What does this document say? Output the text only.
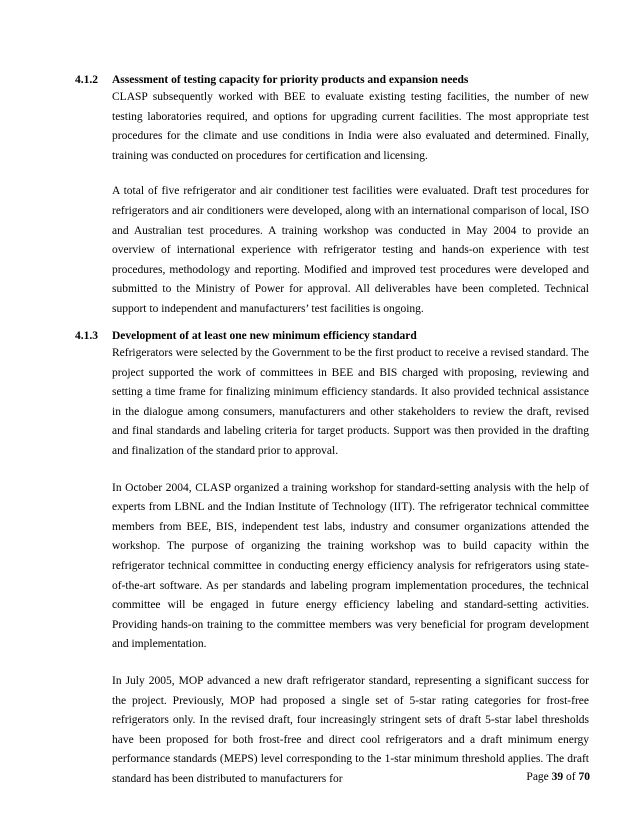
4.1.2	Assessment of testing capacity for priority products and expansion needs

CLASP subsequently worked with BEE to evaluate existing testing facilities, the number of new testing laboratories required, and options for upgrading current facilities. The most appropriate test procedures for the climate and use conditions in India were also evaluated and determined. Finally, training was conducted on procedures for certification and licensing.

A total of five refrigerator and air conditioner test facilities were evaluated. Draft test procedures for refrigerators and air conditioners were developed, along with an international comparison of local, ISO and Australian test procedures. A training workshop was conducted in May 2004 to provide an overview of international experience with refrigerator testing and hands-on experience with test procedures, methodology and reporting. Modified and improved test procedures were developed and submitted to the Ministry of Power for approval. All deliverables have been completed. Technical support to independent and manufacturers’ test facilities is ongoing.

4.1.3	Development of at least one new minimum efficiency standard

Refrigerators were selected by the Government to be the first product to receive a revised standard. The project supported the work of committees in BEE and BIS charged with proposing, reviewing and setting a time frame for finalizing minimum efficiency standards. It also provided technical assistance in the dialogue among consumers, manufacturers and other stakeholders to review the draft, revised and final standards and labeling criteria for target products. Support was then provided in the drafting and finalization of the standard prior to approval.

In October 2004, CLASP organized a training workshop for standard-setting analysis with the help of experts from LBNL and the Indian Institute of Technology (IIT). The refrigerator technical committee members from BEE, BIS, independent test labs, industry and consumer organizations attended the workshop. The purpose of organizing the training workshop was to build capacity within the refrigerator technical committee in conducting energy efficiency analysis for refrigerators using state-of-the-art software. As per standards and labeling program implementation procedures, the technical committee will be engaged in future energy efficiency labeling and standard-setting activities. Providing hands-on training to the committee members was very beneficial for program development and implementation.

In July 2005, MOP advanced a new draft refrigerator standard, representing a significant success for the project. Previously, MOP had proposed a single set of 5-star rating categories for frost-free refrigerators only. In the revised draft, four increasingly stringent sets of draft 5-star label thresholds have been proposed for both frost-free and direct cool refrigerators and a draft minimum energy performance standards (MEPS) level corresponding to the 1-star minimum threshold applies. The draft standard has been distributed to manufacturers for	Page 39 of 70
